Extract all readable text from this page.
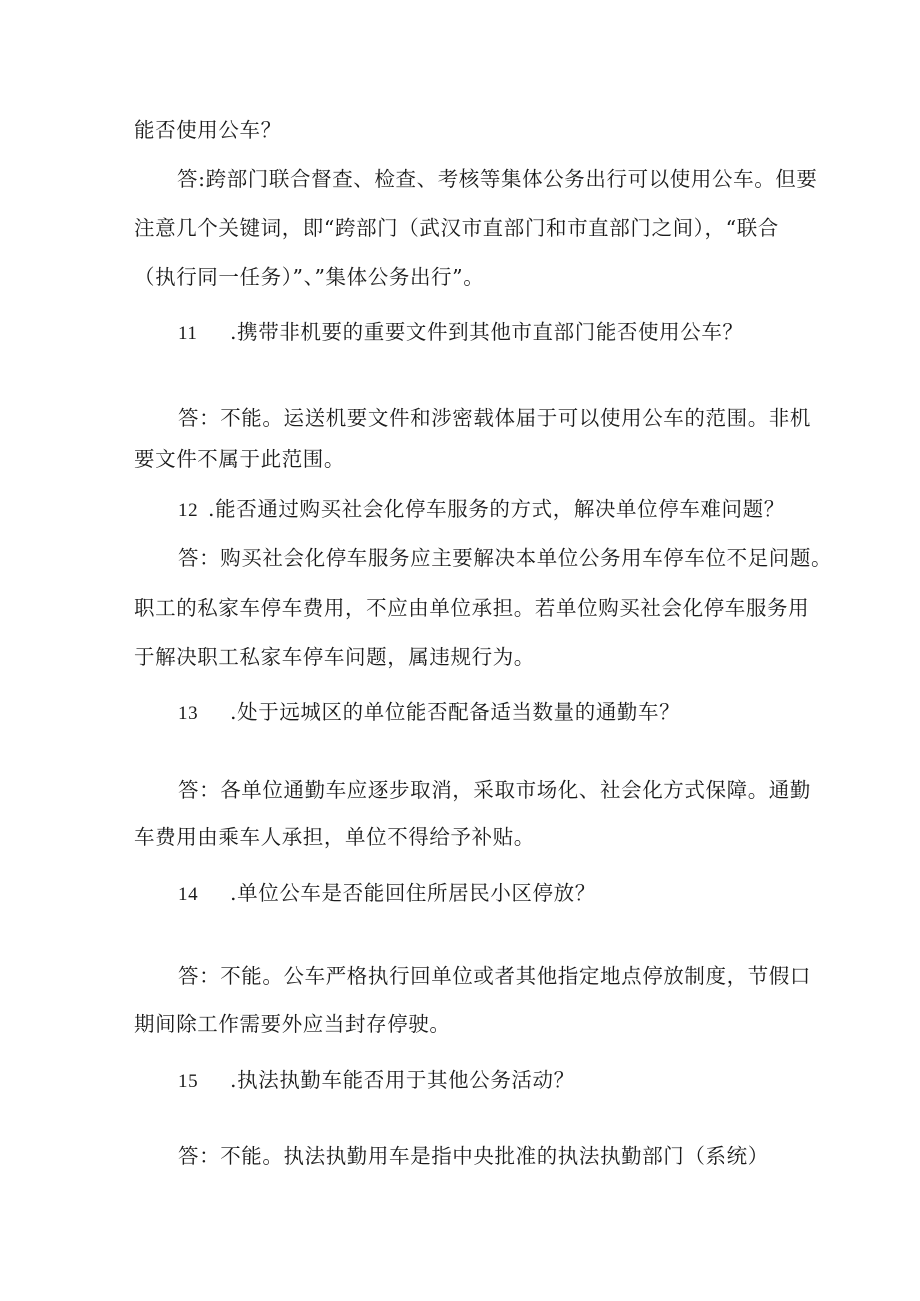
能否使用公车？
答:跨部门联合督查、检查、考核等集体公务出行可以使用公车。但要
注意几个关键词，即“跨部门（武汉市直部门和市直部门之间），“联合
（执行同一任务）”、”集体公务出行”。
11 .携带非机要的重要文件到其他市直部门能否使用公车？
答：不能。运送机要文件和涉密载体届于可以使用公车的范围。非机
要文件不属于此范围。
12 .能否通过购买社会化停车服务的方式，解决单位停车难问题？
答：购买社会化停车服务应主要解决本单位公务用车停车位不足问题。
职工的私家车停车费用，不应由单位承担。若单位购买社会化停车服务用
于解决职工私家车停车问题，属违规行为。
13 .处于远城区的单位能否配备适当数量的通勤车？
答：各单位通勤车应逐步取消，采取市场化、社会化方式保障。通勤
车费用由乘车人承担，单位不得给予补贴。
14 .单位公车是否能回住所居民小区停放？
答：不能。公车严格执行回单位或者其他指定地点停放制度，节假口
期间除工作需要外应当封存停驶。
15 .执法执勤车能否用于其他公务活动？
答：不能。执法执勤用车是指中央批准的执法执勤部门（系统）
